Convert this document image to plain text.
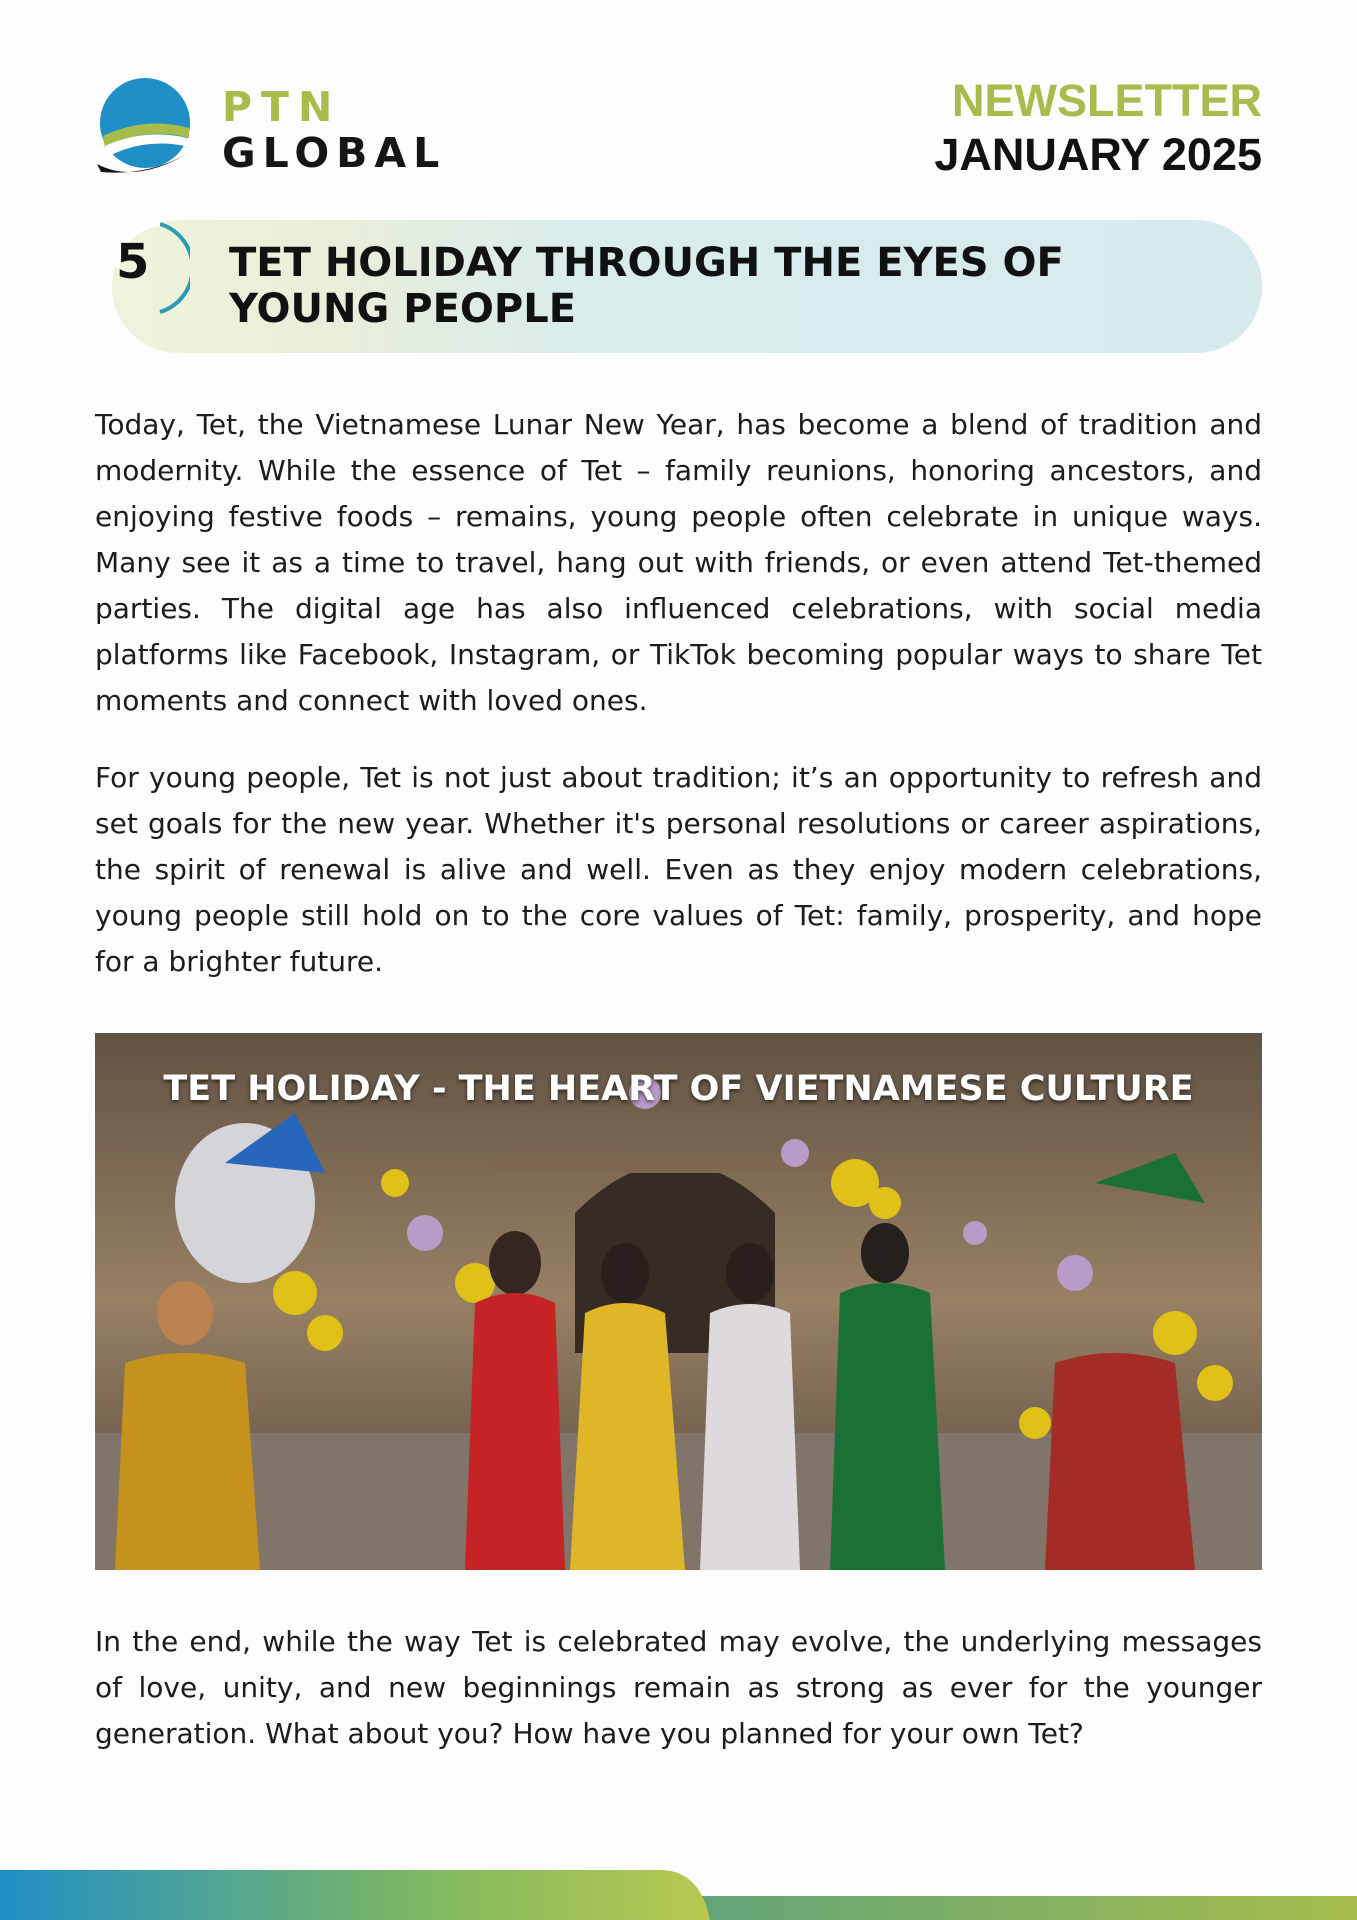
PTN
GLOBAL
NEWSLETTER
JANUARY 2025
5 TET HOLIDAY THROUGH THE EYES OF YOUNG PEOPLE

Today, Tet, the Vietnamese Lunar New Year, has become a blend of tradition and modernity. While the essence of Tet – family reunions, honoring ancestors, and enjoying festive foods – remains, young people often celebrate in unique ways. Many see it as a time to travel, hang out with friends, or even attend Tet-themed parties. The digital age has also influenced celebrations, with social media platforms like Facebook, Instagram, or TikTok becoming popular ways to share Tet moments and connect with loved ones.

For young people, Tet is not just about tradition; it’s an opportunity to refresh and set goals for the new year. Whether it's personal resolutions or career aspirations, the spirit of renewal is alive and well. Even as they enjoy modern celebrations, young people still hold on to the core values of Tet: family, prosperity, and hope for a brighter future.

TET HOLIDAY - THE HEART OF VIETNAMESE CULTURE

In the end, while the way Tet is celebrated may evolve, the underlying messages of love, unity, and new beginnings remain as strong as ever for the younger generation. What about you? How have you planned for your own Tet?
